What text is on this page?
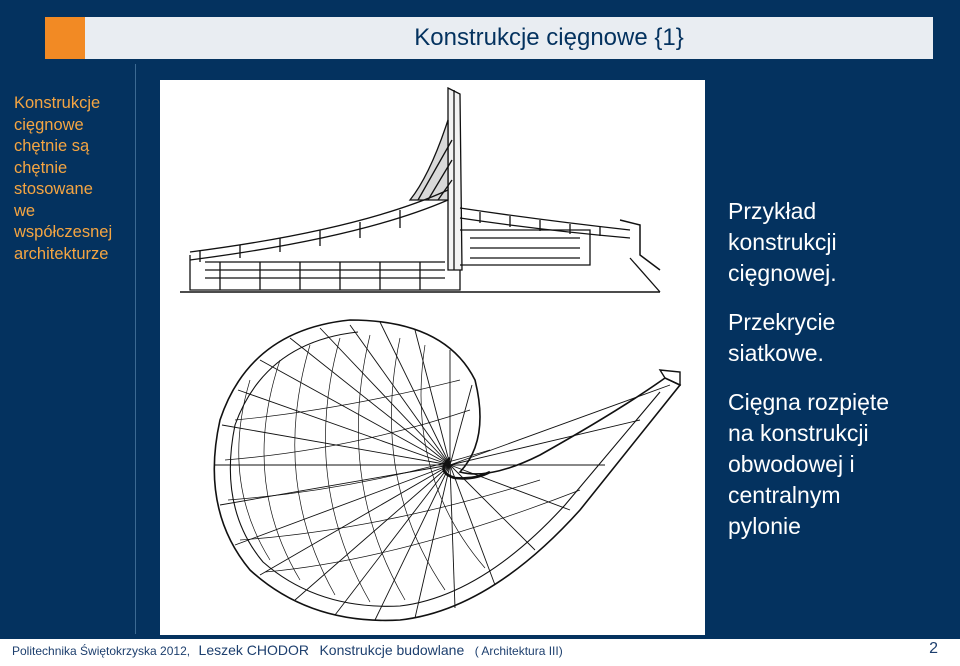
Konstrukcje cięgnowe {1}
Konstrukcje
cięgnowe
chętnie są
chętnie
stosowane
we
współczesnej
architekturze
Przykład
konstrukcji
cięgnowej.
Przekrycie
siatkowe.
Cięgna rozpięte
na konstrukcji
obwodowej i
centralnym
pylonie
Politechnika Świętokrzyska 2012, Leszek CHODOR Konstrukcje budowlane ( Architektura III)	2
